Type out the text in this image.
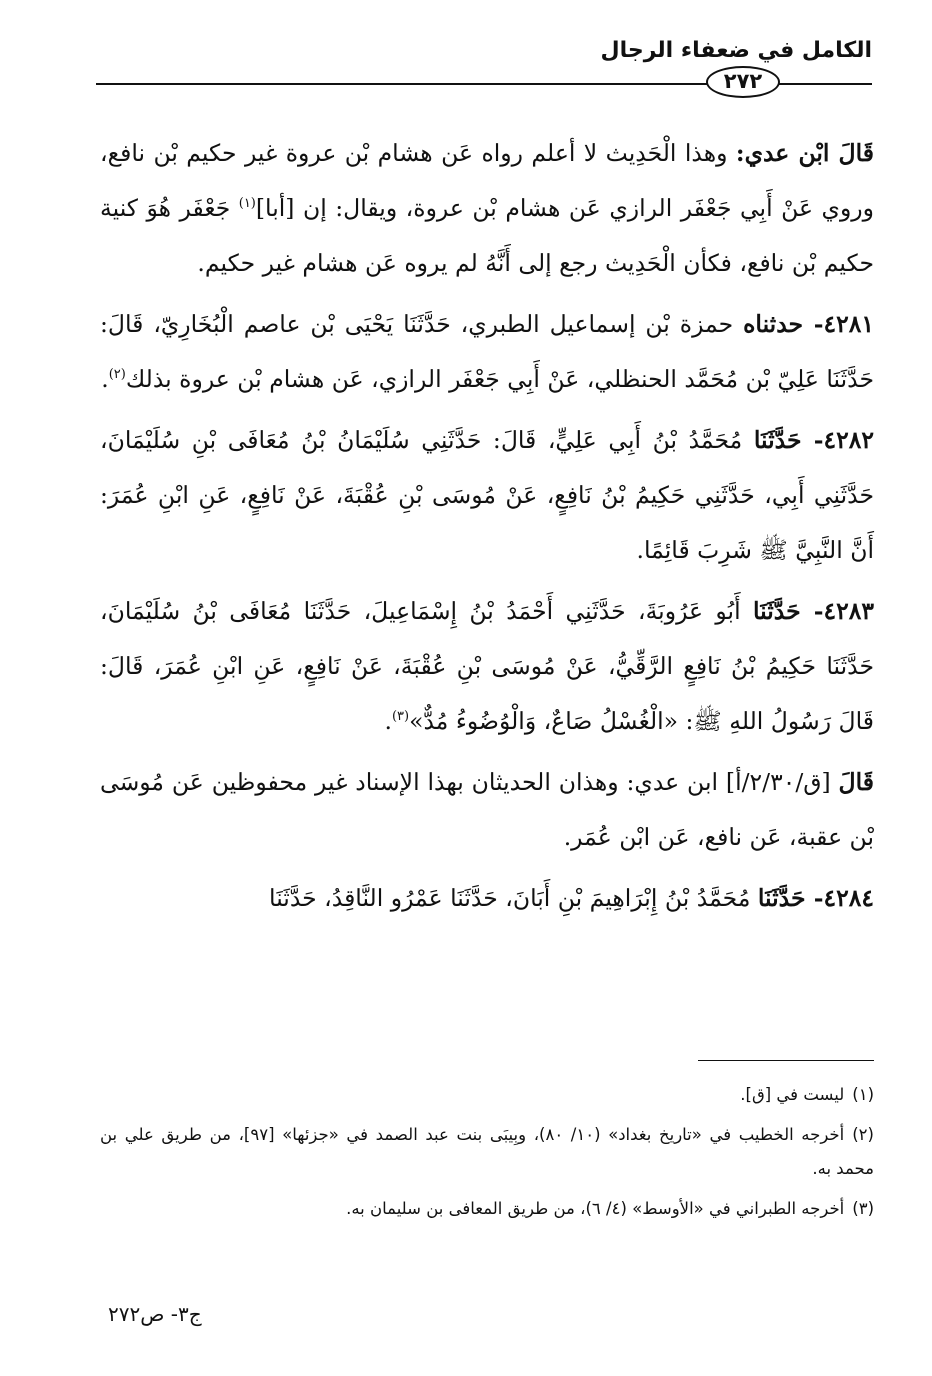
الكامل في ضعفاء الرجال
٢٧٢

قَالَ ابْن عدي: وهذا الْحَدِيث لا أعلم رواه عَن هشام بْن عروة غير حكيم بْن نافع، وروي عَنْ أَبِي جَعْفَر الرازي عَن هشام بْن عروة، ويقال: إن [أبا]$^{(١)}$ جَعْفَر هُوَ كنية حكيم بْن نافع، فكأن الْحَدِيث رجع إلى أَنَّهُ لم يروه عَن هشام غير حكيم.

٤٢٨١- حدثناه حمزة بْن إسماعيل الطبري، حَدَّثَنَا يَحْيَى بْن عاصم الْبُخَارِيّ، قَالَ: حَدَّثَنَا عَلِيّ بْن مُحَمَّد الحنظلي، عَنْ أَبِي جَعْفَر الرازي، عَن هشام بْن عروة بذلك$^{(٢)}$.

٤٢٨٢- حَدَّثَنَا مُحَمَّدُ بْنُ أَبِي عَلِيٍّ، قَالَ: حَدَّثَنِي سُلَيْمَانُ بْنُ مُعَافَى بْنِ سُلَيْمَانَ، حَدَّثَنِي أَبِي، حَدَّثَنِي حَكِيمُ بْنُ نَافِعٍ، عَنْ مُوسَى بْنِ عُقْبَةَ، عَنْ نَافِعٍ، عَنِ ابْنِ عُمَرَ: أَنَّ النَّبِيَّ ﷺ شَرِبَ قَائِمًا.

٤٢٨٣- حَدَّثَنَا أَبُو عَرُوبَةَ، حَدَّثَنِي أَحْمَدُ بْنُ إِسْمَاعِيلَ، حَدَّثَنَا مُعَافَى بْنُ سُلَيْمَانَ، حَدَّثَنَا حَكِيمُ بْنُ نَافِعٍ الرَّقِّيُّ، عَنْ مُوسَى بْنِ عُقْبَةَ، عَنْ نَافِعٍ، عَنِ ابْنِ عُمَرَ، قَالَ: قَالَ رَسُولُ اللهِ ﷺ: «الْغُسْلُ صَاعٌ، وَالْوُضُوءُ مُدٌّ»$^{(٣)}$.

قَالَ [ق/٢/٣٠/أ] ابن عدي: وهذان الحديثان بهذا الإسناد غير محفوظين عَن مُوسَى بْن عقبة، عَن نافع، عَن ابْن عُمَر.

٤٢٨٤- حَدَّثَنَا مُحَمَّدُ بْنُ إِبْرَاهِيمَ بْنِ أَبَانَ، حَدَّثَنَا عَمْرُو النَّاقِدُ، حَدَّثَنَا

(١)ليست في [ق].

(٢)أخرجه الخطيب في «تاريخ بغداد» (١٠/ ٨٠)، وبِيبَى بنت عبد الصمد في «جزئها» [٩٧]، من طريق علي بن محمد به.

(٣)أخرجه الطبراني في «الأوسط» (٤/ ٦)، من طريق المعافى بن سليمان به.

ج٣- ص٢٧٢
